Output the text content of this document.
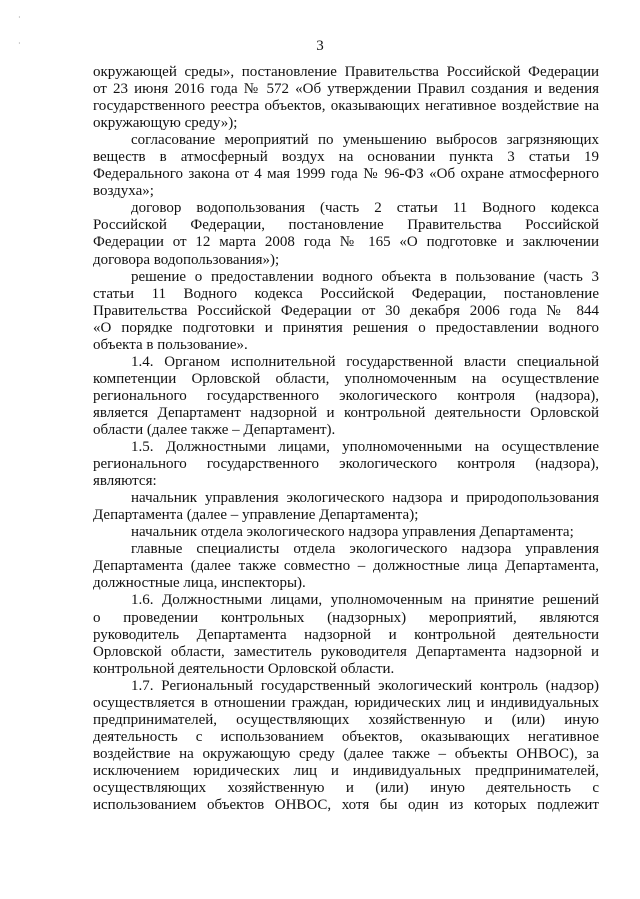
·
·	3

окружающей среды», постановление Правительства Российской Федерации

от 23 июня 2016 года № 572 «Об утверждении Правил создания и ведения

государственного реестра объектов, оказывающих негативное воздействие на

окружающую среду»);

согласование мероприятий по уменьшению выбросов загрязняющих

веществ в атмосферный воздух на основании пункта 3 статьи 19

Федерального закона от 4 мая 1999 года № 96-ФЗ «Об охране атмосферного

воздуха»;

договор водопользования (часть 2 статьи 11 Водного кодекса

Российской Федерации, постановление Правительства Российской

Федерации от 12 марта 2008 года № 165 «О подготовке и заключении

договора водопользования»);

решение о предоставлении водного объекта в пользование (часть 3

статьи 11 Водного кодекса Российской Федерации, постановление

Правительства Российской Федерации от 30 декабря 2006 года № 844

«О порядке подготовки и принятия решения о предоставлении водного

объекта в пользование».

1.4. Органом исполнительной государственной власти специальной

компетенции Орловской области, уполномоченным на осуществление

регионального государственного экологического контроля (надзора),

является Департамент надзорной и контрольной деятельности Орловской

области (далее также – Департамент).

1.5. Должностными лицами, уполномоченными на осуществление

регионального государственного экологического контроля (надзора),

являются:

начальник управления экологического надзора и природопользования

Департамента (далее – управление Департамента);

начальник отдела экологического надзора управления Департамента;

главные специалисты отдела экологического надзора управления

Департамента (далее также совместно – должностные лица Департамента,

должностные лица, инспекторы).

1.6. Должностными лицами, уполномоченным на принятие решений

о проведении контрольных (надзорных) мероприятий, являются

руководитель Департамента надзорной и контрольной деятельности

Орловской области, заместитель руководителя Департамента надзорной и

контрольной деятельности Орловской области.

1.7. Региональный государственный экологический контроль (надзор)

осуществляется в отношении граждан, юридических лиц и индивидуальных

предпринимателей, осуществляющих хозяйственную и (или) иную

деятельность с использованием объектов, оказывающих негативное

воздействие на окружающую среду (далее также – объекты ОНВОС), за

исключением юридических лиц и индивидуальных предпринимателей,

осуществляющих хозяйственную и (или) иную деятельность с

использованием объектов ОНВОС, хотя бы один из которых подлежит
